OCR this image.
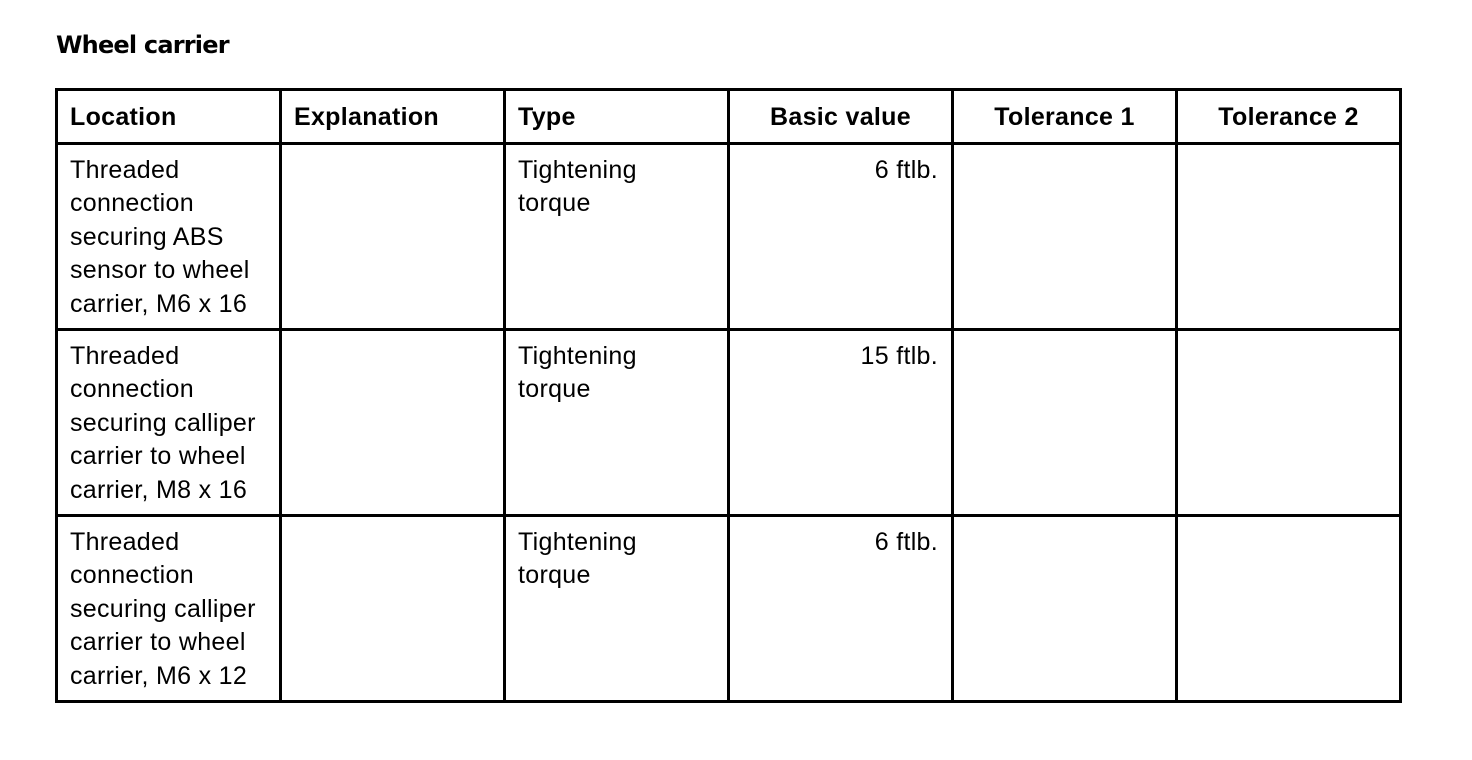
Wheel carrier
Location	Explanation	Type	Basic value	Tolerance 1	Tolerance 2
Threaded connection securing ABS sensor to wheel carrier, M6 x 16		Tightening torque	6 ftlb.		
Threaded connection securing calliper carrier to wheel carrier, M8 x 16		Tightening torque	15 ftlb.		
Threaded connection securing calliper carrier to wheel carrier, M6 x 12		Tightening torque	6 ftlb.		
